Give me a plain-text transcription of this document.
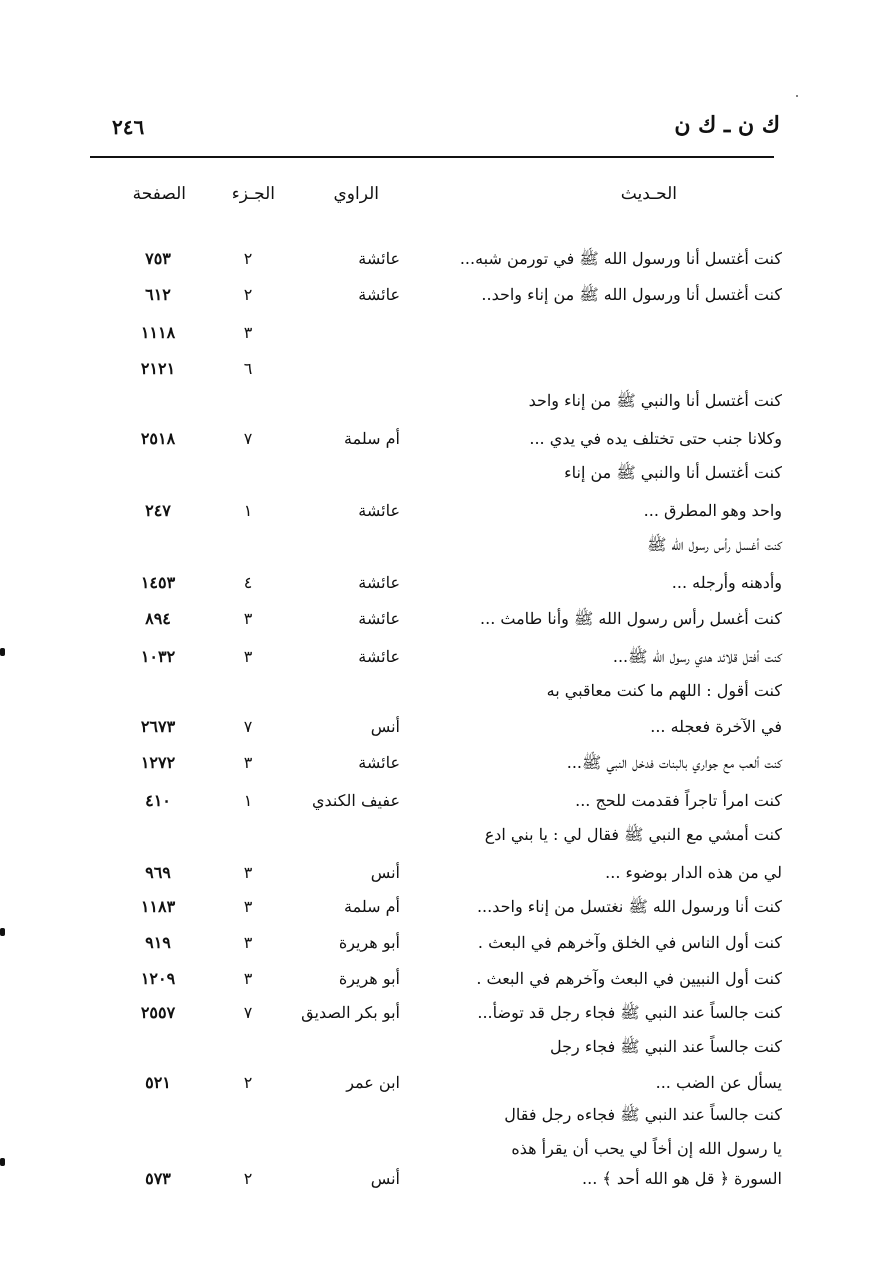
ك ن ـ ك ن
٢٤٦
الحـديث
الراوي
الجـزء
الصفحة
كنت أغتسل أنا ورسول الله ﷺ في تورمن شبه...
عائشة
٢
٧٥٣
كنت أغتسل أنا ورسول الله ﷺ من إناء واحد..
عائشة
٢
٦١٢
٣
١١١٨
٦
٢١٢١
كنت أغتسل أنا والنبي ﷺ من إناء واحد
وكلانا جنب حتى تختلف يده في يدي ...
أم سلمة
٧
٢٥١٨
كنت أغتسل أنا والنبي ﷺ من إناء
واحد وهو المطرق ...
عائشة
١
٢٤٧
كنت أغسل رأس رسول الله ﷺ
وأدهنه وأرجله ...
عائشة
٤
١٤٥٣
كنت أغسل رأس رسول الله ﷺ وأنا طامث ...
عائشة
٣
٨٩٤
كنت أفتل قلائد هدي رسول الله ﷺ...
عائشة
٣
١٠٣٢
كنت أقول : اللهم ما كنت معاقبي به
في الآخرة فعجله ...
أنس
٧
٢٦٧٣
كنت ألعب مع جواري بالبنات فدخل النبي ﷺ...
عائشة
٣
١٢٧٢
كنت امرأ تاجراً فقدمت للحج ...
عفيف الكندي
١
٤١٠
كنت أمشي مع النبي ﷺ فقال لي : يا بني ادع
لي من هذه الدار بوضوء ...
أنس
٣
٩٦٩
كنت أنا ورسول الله ﷺ نغتسل من إناء واحد...
أم سلمة
٣
١١٨٣
كنت أول الناس في الخلق وآخرهم في البعث .
أبو هريرة
٣
٩١٩
كنت أول النبيين في البعث وآخرهم في البعث .
أبو هريرة
٣
١٢٠٩
كنت جالساً عند النبي ﷺ فجاء رجل قد توضأ...
أبو بكر الصديق
٧
٢٥٥٧
كنت جالساً عند النبي ﷺ فجاء رجل
يسأل عن الضب ...
ابن عمر
٢
٥٢١
كنت جالساً عند النبي ﷺ فجاءه رجل فقال
يا رسول الله إن أخاً لي يحب أن يقرأ هذه
السورة ﴿ قل هو الله أحد ﴾ ...
أنس
٢
٥٧٣
